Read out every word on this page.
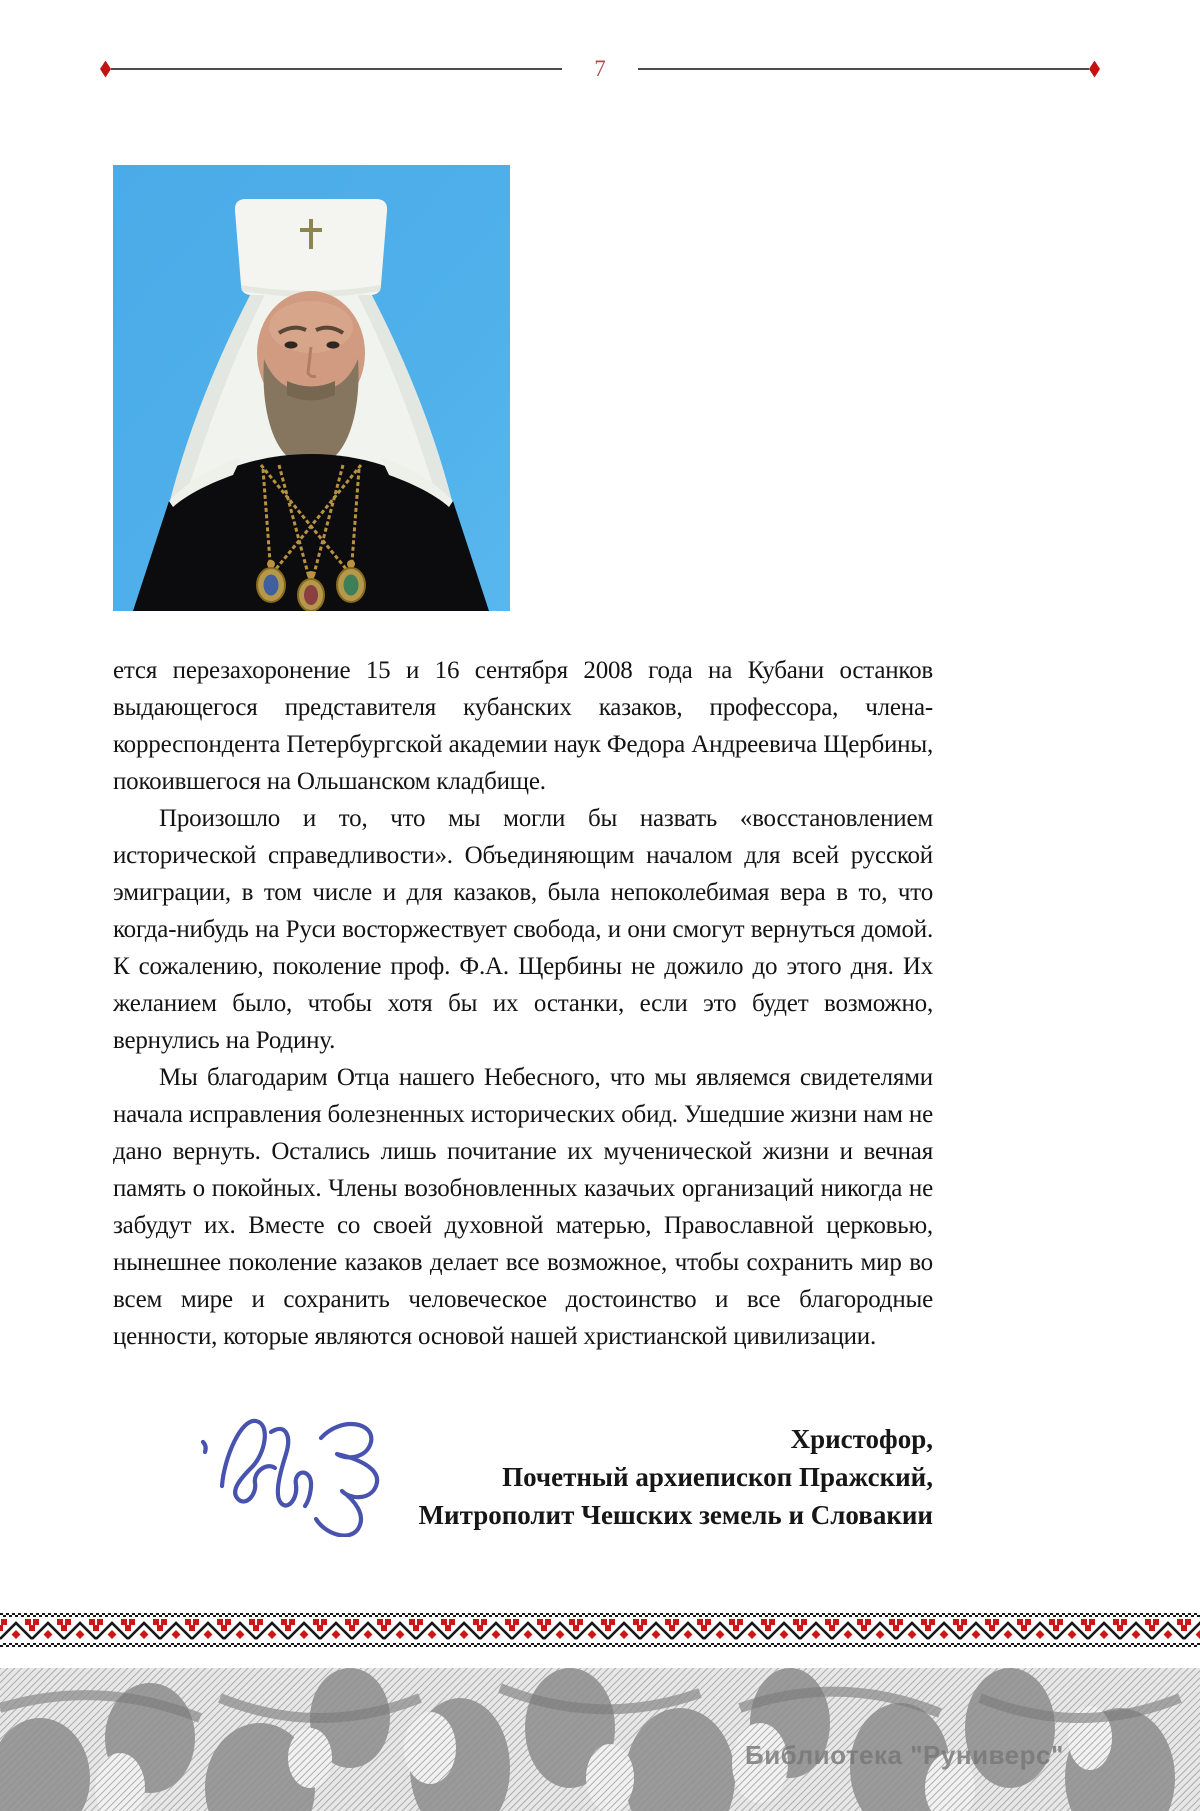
7

ется перезахоронение 15 и 16 сентября 2008 года на Кубани останков выдающегося представителя кубанских казаков, профессора, члена-корреспондента Петербургской академии наук Федора Андреевича Щербины, покоившегося на Ольшанском кладбище.

Произошло и то, что мы могли бы назвать «восстановлением исторической справедливости». Объединяющим началом для всей русской эмиграции, в том числе и для казаков, была непоколебимая вера в то, что когда-нибудь на Руси восторжествует свобода, и они смогут вернуться домой. К сожалению, поколение проф. Ф.А. Щербины не дожило до этого дня. Их желанием было, чтобы хотя бы их останки, если это будет возможно, вернулись на Родину.

Мы благодарим Отца нашего Небесного, что мы являемся свидетелями начала исправления болезненных исторических обид. Ушедшие жизни нам не дано вернуть. Остались лишь почитание их мученической жизни и вечная память о покойных. Члены возобновленных казачьих организаций никогда не забудут их. Вместе со своей духовной матерью, Православной церковью, нынешнее поколение казаков делает все возможное, чтобы сохранить мир во всем мире и сохранить человеческое достоинство и все благородные ценности, которые являются основой нашей христианской цивилизации.

Христофор,
Почетный архиепископ Пражский,
Митрополит Чешских земель и Словакии
Библиотека "Руниверс"
